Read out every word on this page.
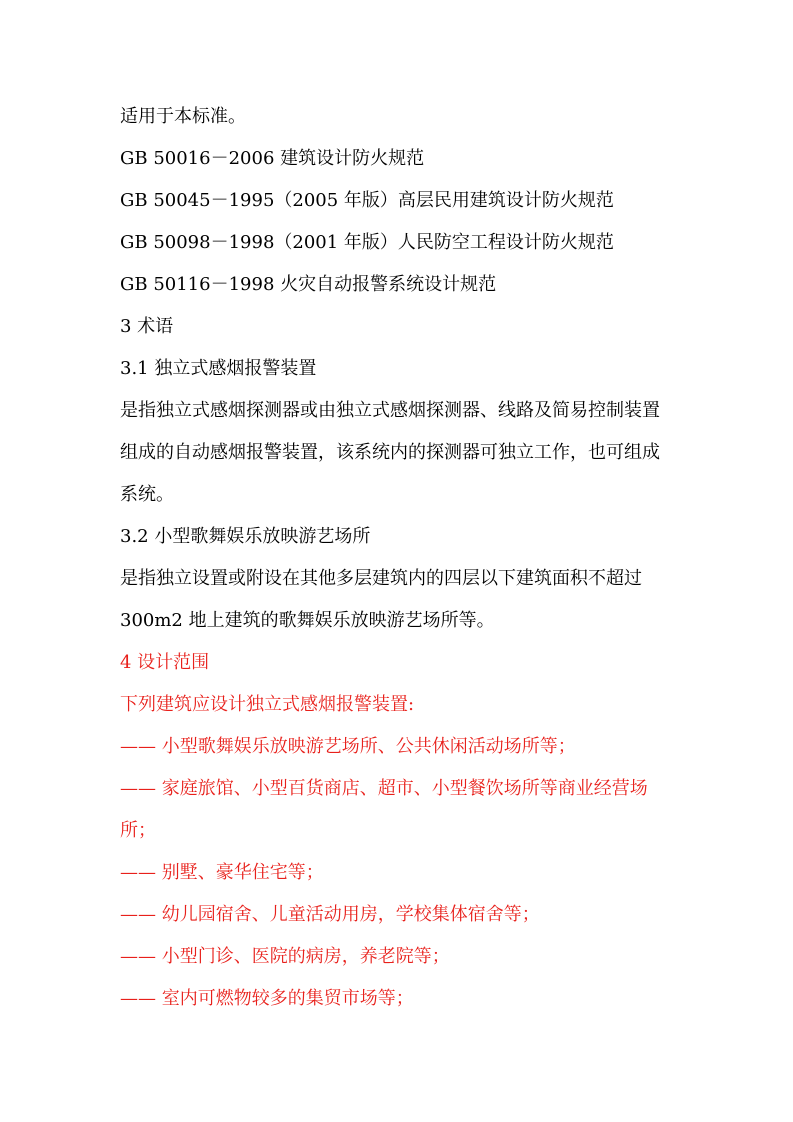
适用于本标准。
GB 50016－2006 建筑设计防火规范
GB 50045－1995（2005 年版）高层民用建筑设计防火规范
GB 50098－1998（2001 年版）人民防空工程设计防火规范
GB 50116－1998 火灾自动报警系统设计规范
3 术语
3.1 独立式感烟报警装置
是指独立式感烟探测器或由独立式感烟探测器、线路及简易控制装置
组成的自动感烟报警装置，该系统内的探测器可独立工作，也可组成
系统。
3.2 小型歌舞娱乐放映游艺场所
是指独立设置或附设在其他多层建筑内的四层以下建筑面积不超过
300m2 地上建筑的歌舞娱乐放映游艺场所等。
4 设计范围
下列建筑应设计独立式感烟报警装置:
—— 小型歌舞娱乐放映游艺场所、公共休闲活动场所等；
—— 家庭旅馆、小型百货商店、超市、小型餐饮场所等商业经营场
所；
—— 别墅、豪华住宅等；
—— 幼儿园宿舍、儿童活动用房，学校集体宿舍等；
—— 小型门诊、医院的病房，养老院等；
—— 室内可燃物较多的集贸市场等；
